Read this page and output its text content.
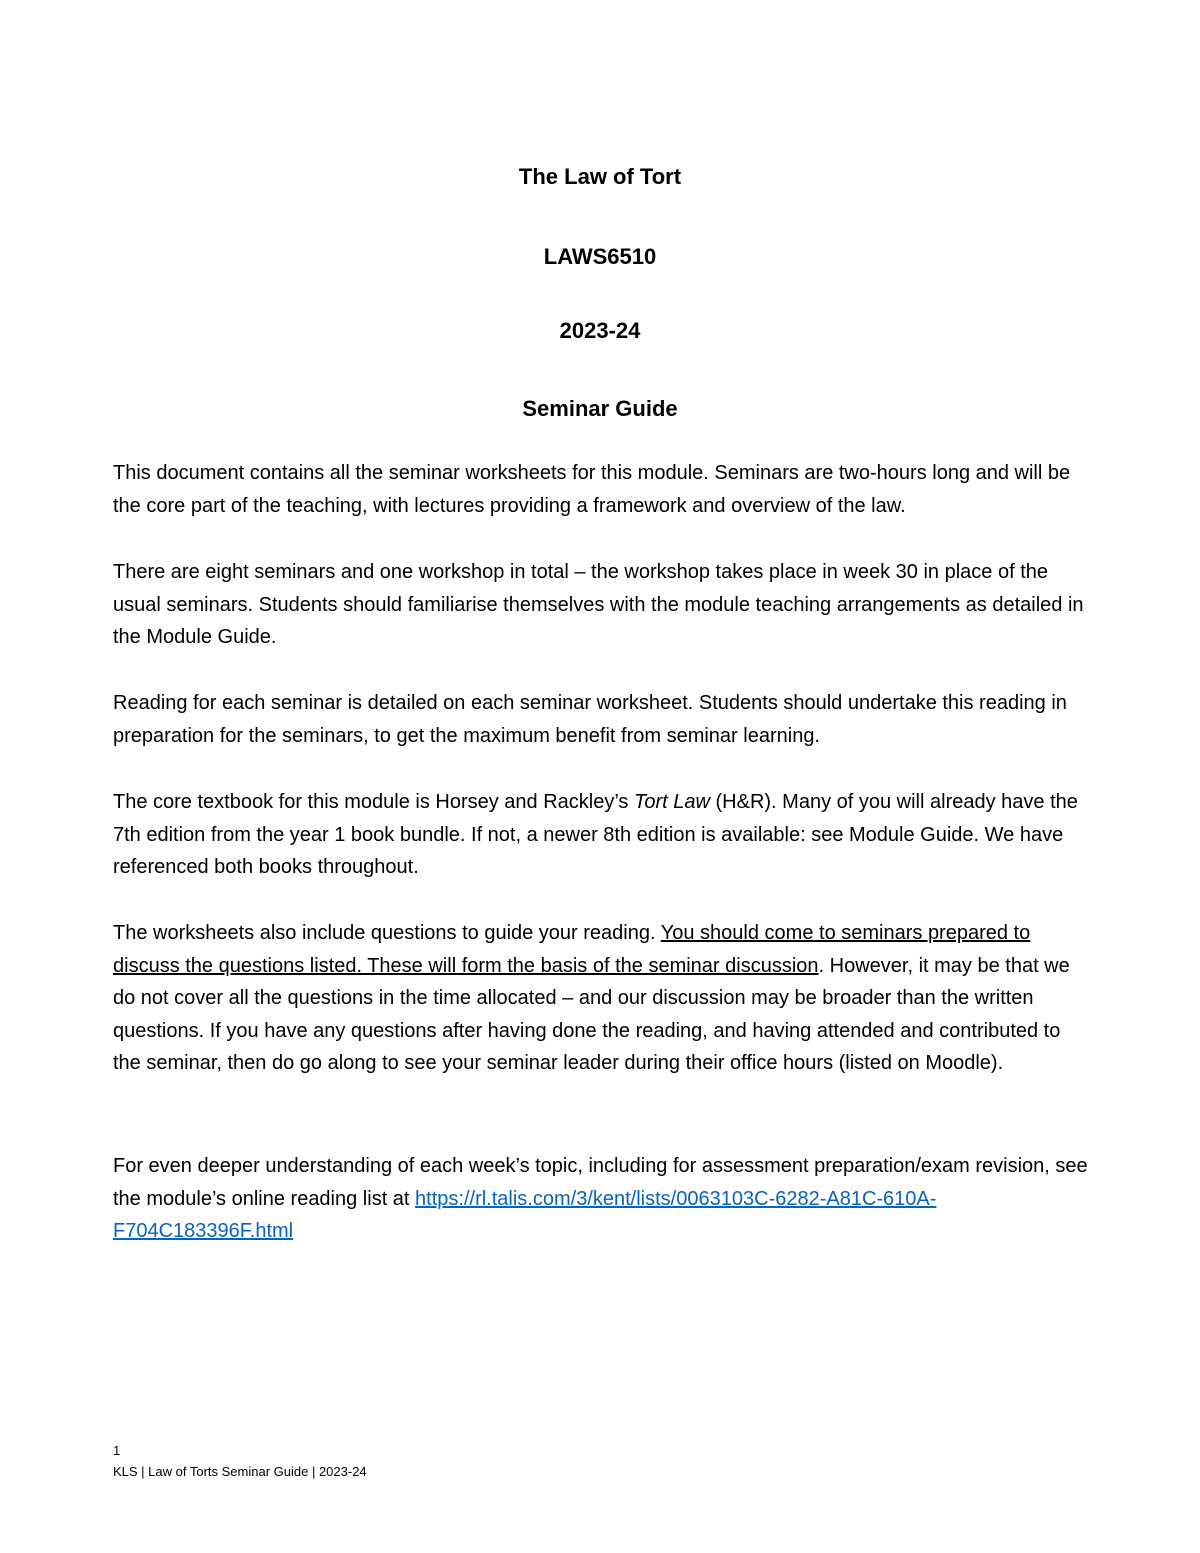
The Law of Tort
LAWS6510
2023-24
Seminar Guide

This document contains all the seminar worksheets for this module. Seminars are two-hours long and will be the core part of the teaching, with lectures providing a framework and overview of the law.

There are eight seminars and one workshop in total – the workshop takes place in week 30 in place of the usual seminars. Students should familiarise themselves with the module teaching arrangements as detailed in the Module Guide.

Reading for each seminar is detailed on each seminar worksheet. Students should undertake this reading in preparation for the seminars, to get the maximum benefit from seminar learning.

The core textbook for this module is Horsey and Rackley’s Tort Law (H&R). Many of you will already have the 7th edition from the year 1 book bundle. If not, a newer 8th edition is available: see Module Guide. We have referenced both books throughout.

The worksheets also include questions to guide your reading. You should come to seminars prepared to discuss the questions listed. These will form the basis of the seminar discussion. However, it may be that we do not cover all the questions in the time allocated – and our discussion may be broader than the written questions. If you have any questions after having done the reading, and having attended and contributed to the seminar, then do go along to see your seminar leader during their office hours (listed on Moodle).

For even deeper understanding of each week’s topic, including for assessment preparation/exam revision, see the module’s online reading list at https://rl.talis.com/3/kent/lists/0063103C-6282-A81C-610A-F704C183396F.html

1
KLS | Law of Torts Seminar Guide | 2023-24
